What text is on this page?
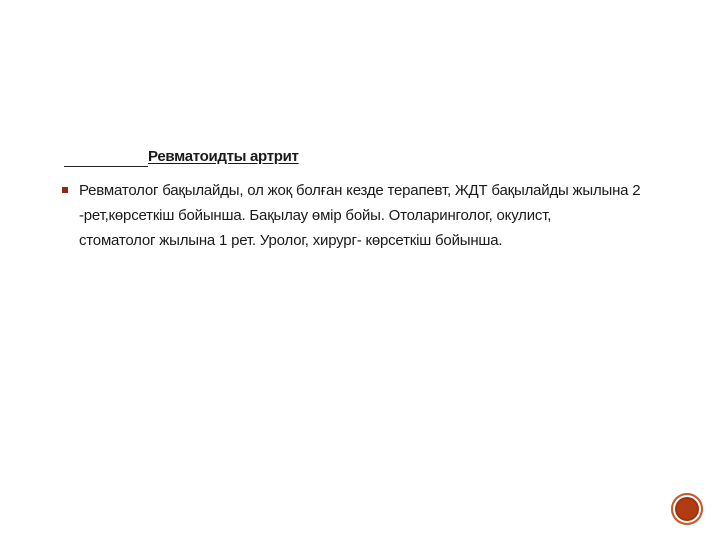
Ревматоидты артрит

Ревматолог бақылайды, ол жоқ болған кезде терапевт, ЖДТ бақылайды жылына 2
-рет,көрсеткіш бойынша. Бақылау өмір бойы. Отоларинголог, окулист,
стоматолог жылына 1 рет. Уролог, хирург- көрсеткіш бойынша.
